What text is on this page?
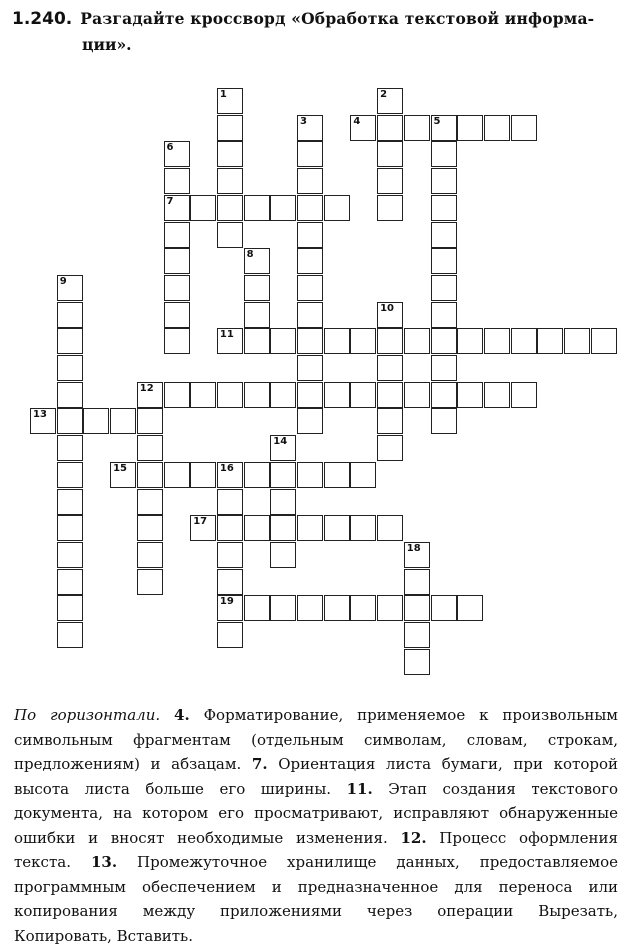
1.240. Разгадайте кроссворд «Обработка текстовой информа-
ции».
1	2
3	4	5
6
7
8
9
10
11
12
13
14
15	16
19
17
18
По горизонтали. 4. Форматирование, применяемое к произвольным символьным фрагментам (отдельным символам, словам, строкам, предложениям) и абзацам. 7. Ориентация листа бумаги, при которой высота листа больше его ширины. 11. Этап создания текстового документа, на котором его просматривают, исправляют обнаруженные ошибки и вносят необходимые изменения. 12. Процесс оформления текста. 13. Промежуточное хранилище данных, предоставляемое программным обеспечением и предназначенное для переноса или копирования между приложениями через операции Вырезать, Копировать, Вставить.
